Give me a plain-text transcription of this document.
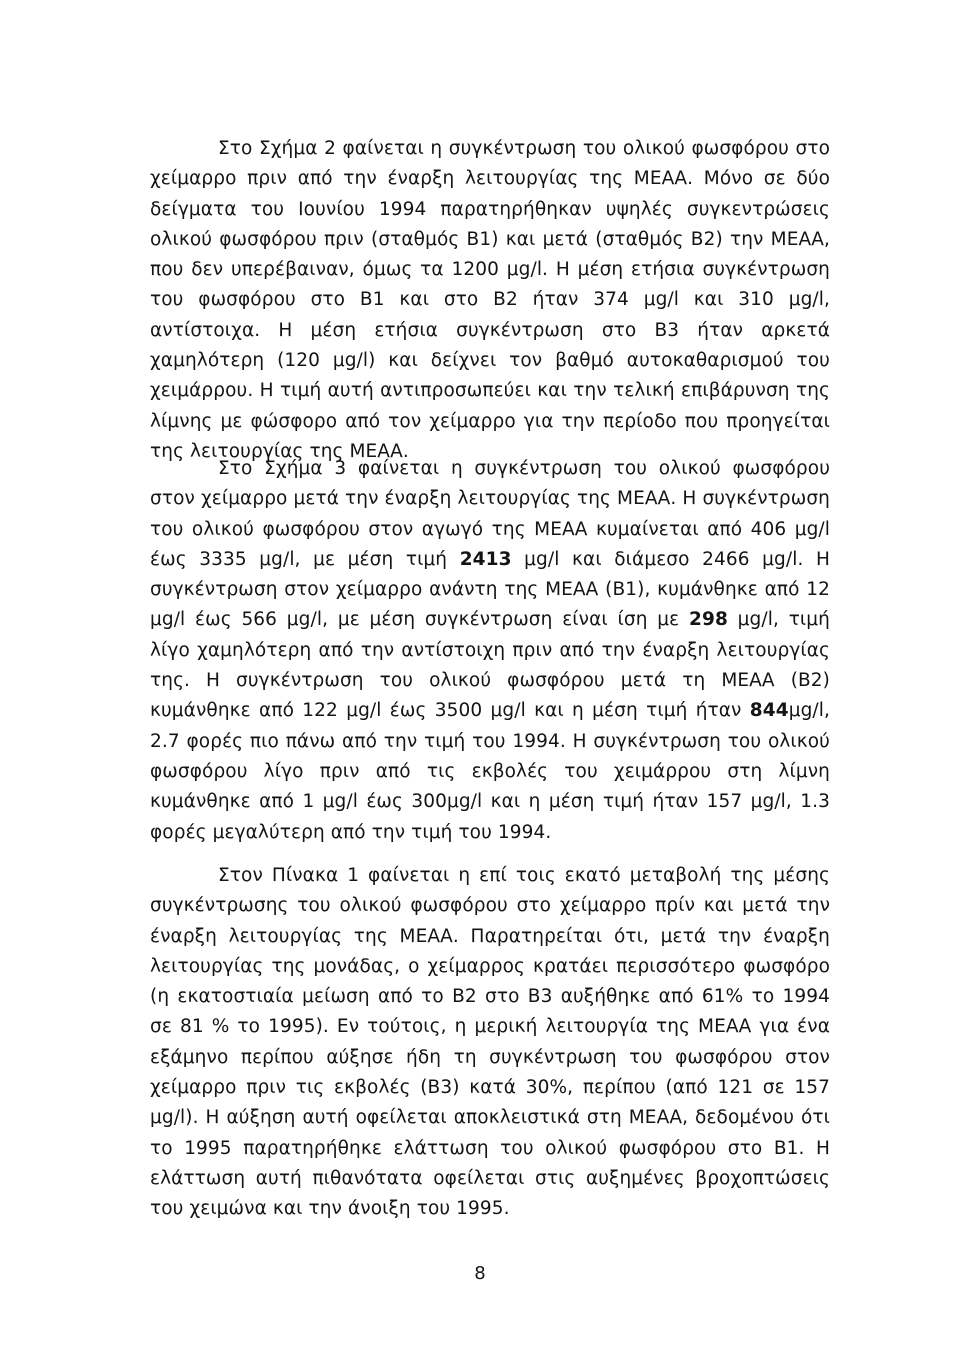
Στο Σχήμα 2 φαίνεται η συγκέντρωση του ολικού φωσφόρου στο χείμαρρο πριν από την έναρξη λειτουργίας της ΜΕΑΑ. Μόνο σε δύο δείγματα του Ιουνίου 1994 παρατηρήθηκαν υψηλές συγκεντρώσεις ολικού φωσφόρου πριν (σταθμός Β1) και μετά (σταθμός Β2) την ΜΕΑΑ, που δεν υπερέβαιναν, όμως τα 1200 μg/l. Η μέση ετήσια συγκέντρωση του φωσφόρου στο Β1 και στο Β2 ήταν 374 μg/l και 310 μg/l, αντίστοιχα. Η μέση ετήσια συγκέντρωση στο Β3 ήταν αρκετά χαμηλότερη (120 μg/l) και δείχνει τον βαθμό αυτοκαθαρισμού του χειμάρρου. Η τιμή αυτή αντιπροσωπεύει και την τελική επιβάρυνση της λίμνης με φώσφορο από τον χείμαρρο για την περίοδο που προηγείται της λειτουργίας της ΜΕΑΑ.

Στο Σχήμα 3 φαίνεται η συγκέντρωση του ολικού φωσφόρου στον χείμαρρο μετά την έναρξη λειτουργίας της ΜΕΑΑ. Η συγκέντρωση του ολικού φωσφόρου στον αγωγό της ΜΕΑΑ κυμαίνεται από 406 μg/l έως 3335 μg/l, με μέση τιμή 2413 μg/l και διάμεσο 2466 μg/l. Η συγκέντρωση στον χείμαρρο ανάντη της ΜΕΑΑ (Β1), κυμάνθηκε από 12 μg/l έως 566 μg/l, με μέση συγκέντρωση είναι ίση με 298 μg/l, τιμή λίγο χαμηλότερη από την αντίστοιχη πριν από την έναρξη λειτουργίας της. Η συγκέντρωση του ολικού φωσφόρου μετά τη ΜΕΑΑ (Β2) κυμάνθηκε από 122 μg/l έως 3500 μg/l και η μέση τιμή ήταν 844μg/l, 2.7 φορές πιο πάνω από την τιμή του 1994. Η συγκέντρωση του ολικού φωσφόρου λίγο πριν από τις εκβολές του χειμάρρου στη λίμνη κυμάνθηκε από 1 μg/l έως 300μg/l και η μέση τιμή ήταν 157 μg/l, 1.3 φορές μεγαλύτερη από την τιμή του 1994.

Στον Πίνακα 1 φαίνεται η επί τοις εκατό μεταβολή της μέσης συγκέντρωσης του ολικού φωσφόρου στο χείμαρρο πρίν και μετά την έναρξη λειτουργίας της ΜΕΑΑ. Παρατηρείται ότι, μετά την έναρξη λειτουργίας της μονάδας, ο χείμαρρος κρατάει περισσότερο φωσφόρο (η εκατοστιαία μείωση από το Β2 στο Β3 αυξήθηκε από 61% το 1994 σε 81 % το 1995). Εν τούτοις, η μερική λειτουργία της ΜΕΑΑ για ένα εξάμηνο περίπου αύξησε ήδη τη συγκέντρωση του φωσφόρου στον χείμαρρο πριν τις εκβολές (Β3) κατά 30%, περίπου (από 121 σε 157 μg/l). Η αύξηση αυτή οφείλεται αποκλειστικά στη ΜΕΑΑ, δεδομένου ότι το 1995 παρατηρήθηκε ελάττωση του ολικού φωσφόρου στο Β1. Η ελάττωση αυτή πιθανότατα οφείλεται στις αυξημένες βροχοπτώσεις του χειμώνα και την άνοιξη του 1995.

8
